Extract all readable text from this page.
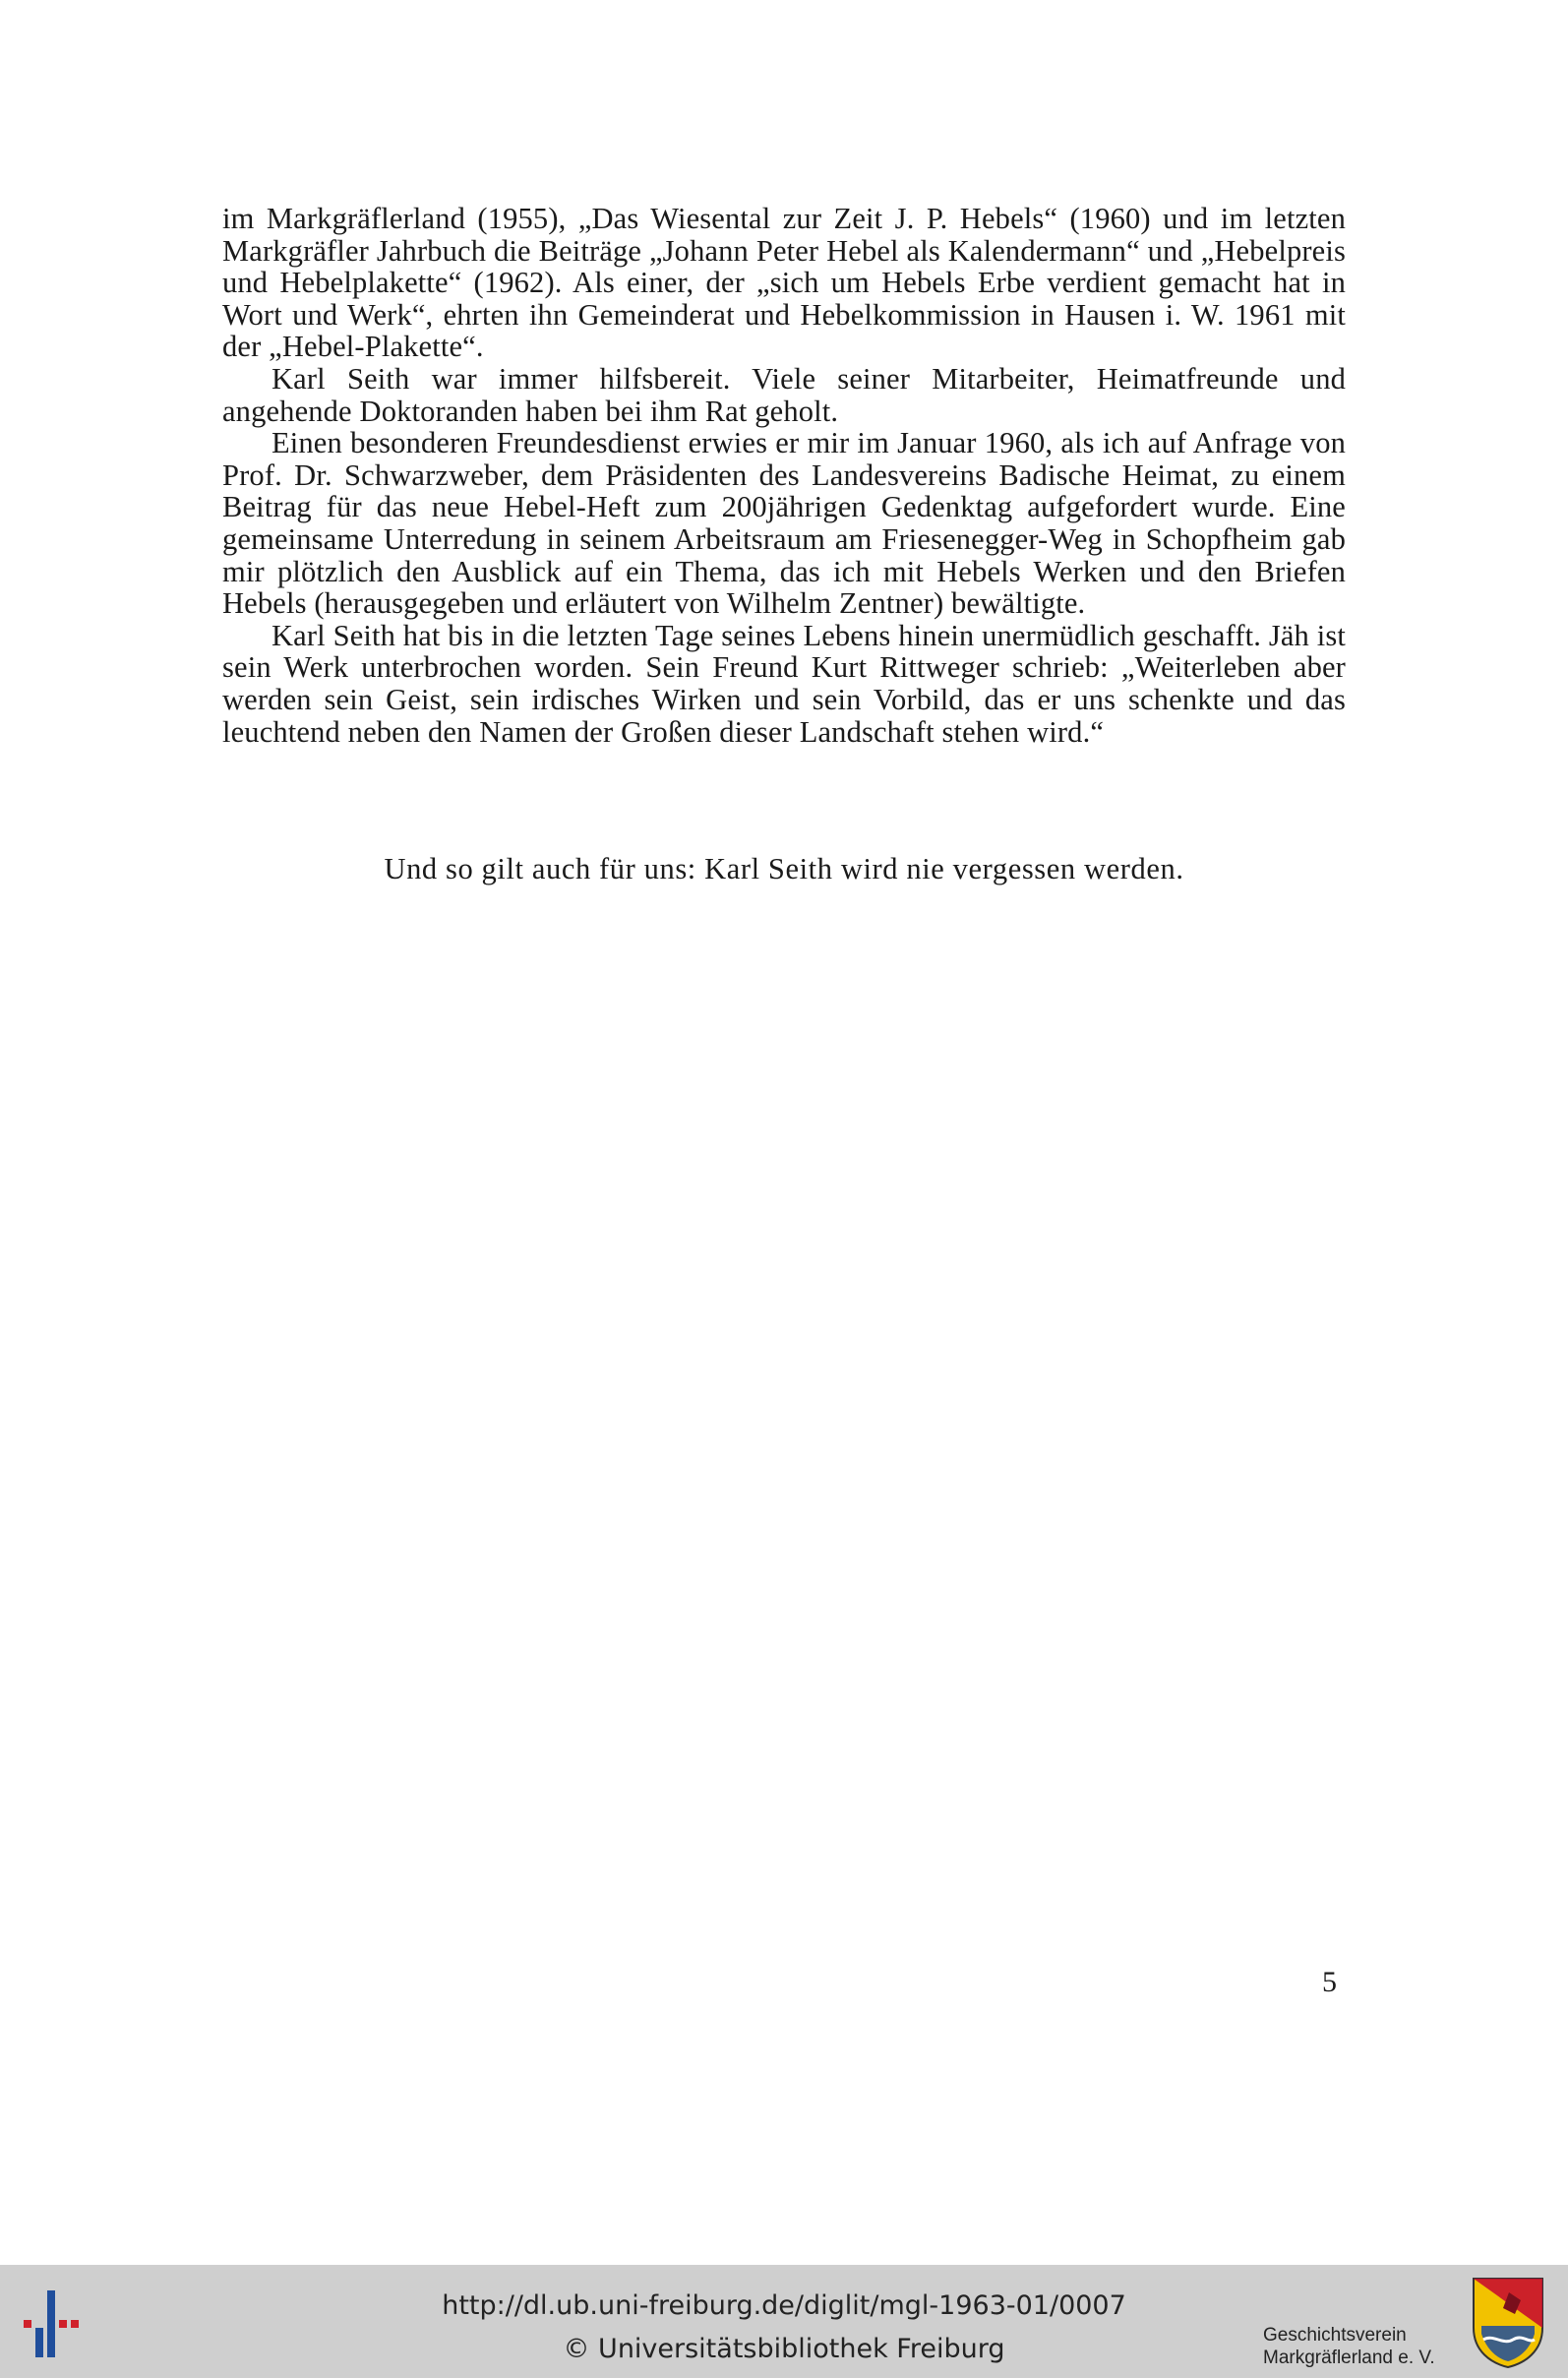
im Markgräflerland (1955), „Das Wiesental zur Zeit J. P. Hebels“ (1960) und im letzten Markgräfler Jahrbuch die Beiträge „Johann Peter Hebel als Kalendermann“ und „Hebelpreis und Hebelplakette“ (1962). Als einer, der „sich um Hebels Erbe verdient gemacht hat in Wort und Werk“, ehrten ihn Gemeinderat und Hebelkommission in Hausen i. W. 1961 mit der „Hebel-Plakette“.

Karl Seith war immer hilfsbereit. Viele seiner Mitarbeiter, Heimatfreunde und angehende Doktoranden haben bei ihm Rat geholt.

Einen besonderen Freundesdienst erwies er mir im Januar 1960, als ich auf Anfrage von Prof. Dr. Schwarzweber, dem Präsidenten des Landesvereins Badische Heimat, zu einem Beitrag für das neue Hebel-Heft zum 200jährigen Gedenktag aufgefordert wurde. Eine gemeinsame Unterredung in seinem Arbeitsraum am Friesenegger-Weg in Schopfheim gab mir plötzlich den Ausblick auf ein Thema, das ich mit Hebels Werken und den Briefen Hebels (herausgegeben und erläutert von Wilhelm Zentner) bewältigte.

Karl Seith hat bis in die letzten Tage seines Lebens hinein unermüdlich geschafft. Jäh ist sein Werk unterbrochen worden. Sein Freund Kurt Rittweger schrieb: „Weiterleben aber werden sein Geist, sein irdisches Wirken und sein Vorbild, das er uns schenkte und das leuchtend neben den Namen der Großen dieser Landschaft stehen wird.“

Und so gilt auch für uns: Karl Seith wird nie vergessen werden.
5
http://dl.ub.uni-freiburg.de/diglit/mgl-1963-01/0007
© Universitätsbibliothek Freiburg	Geschichtsverein
Markgräflerland e. V.
